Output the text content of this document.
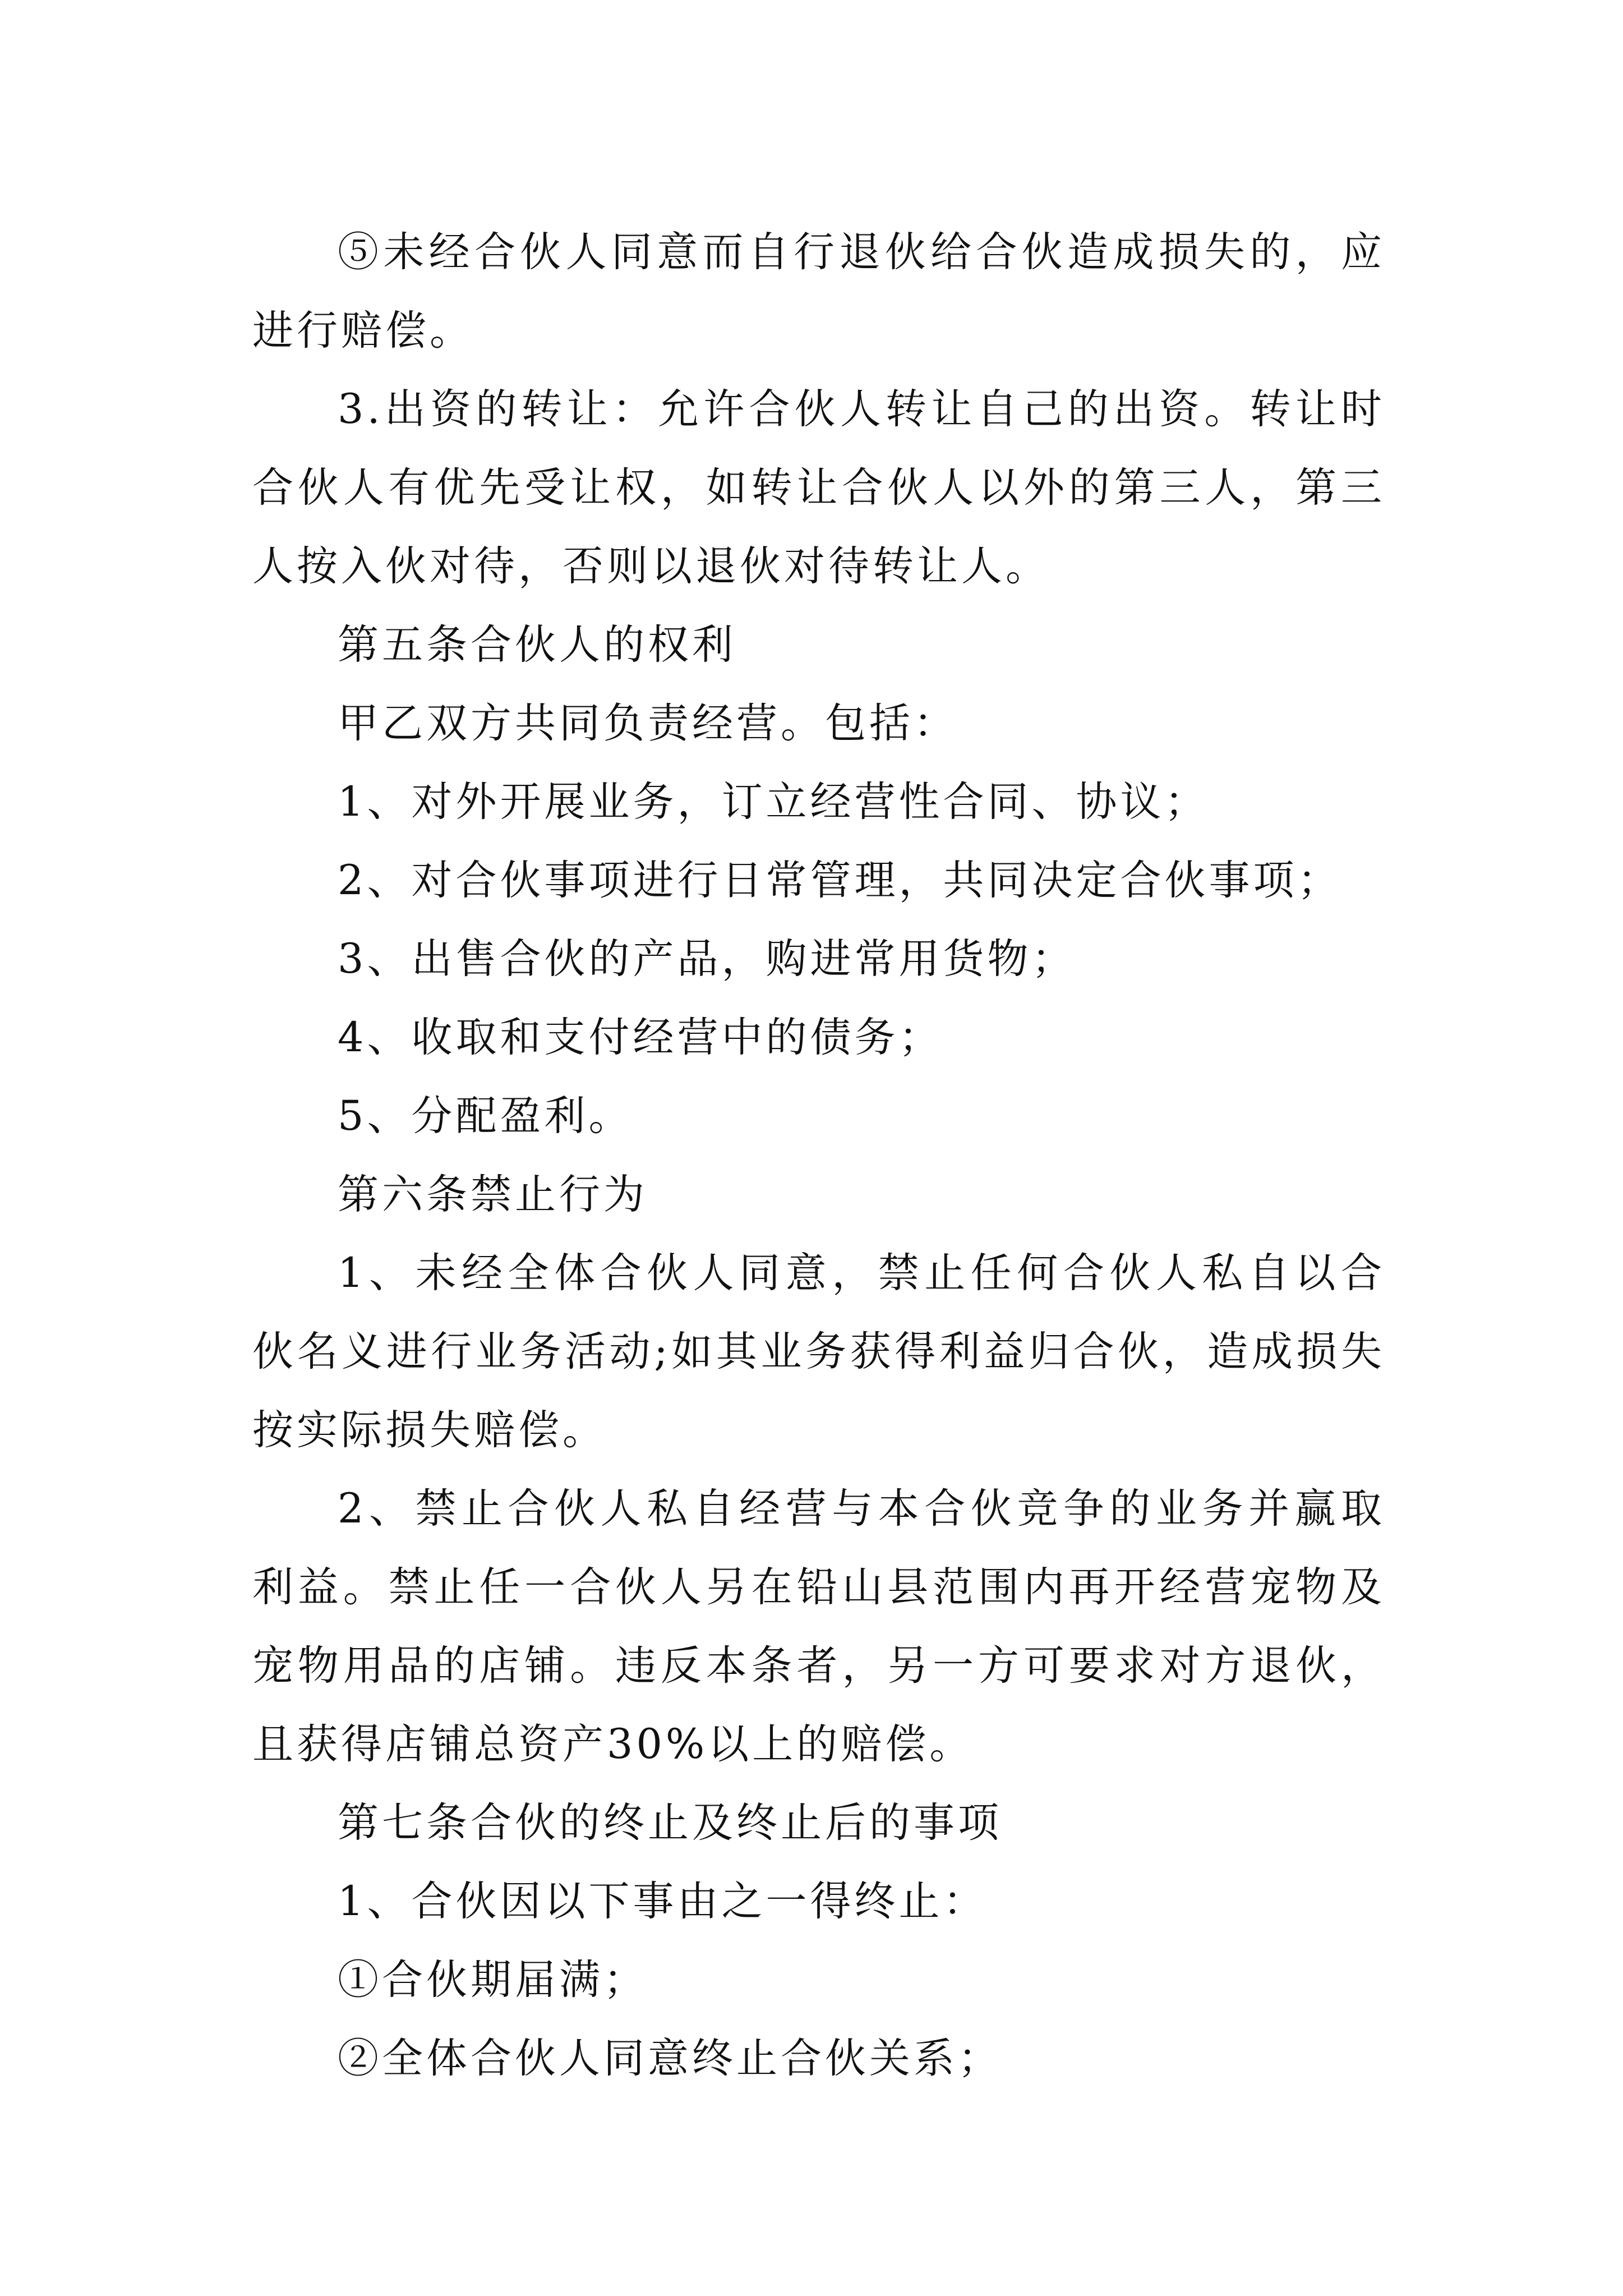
⑤未经合伙人同意而自行退伙给合伙造成损失的，应进行赔偿。

3.出资的转让：允许合伙人转让自己的出资。转让时合伙人有优先受让权，如转让合伙人以外的第三人，第三人按入伙对待，否则以退伙对待转让人。

第五条合伙人的权利

甲乙双方共同负责经营。包括：

1、对外开展业务，订立经营性合同、协议；

2、对合伙事项进行日常管理，共同决定合伙事项；

3、出售合伙的产品，购进常用货物；

4、收取和支付经营中的债务；

5、分配盈利。

第六条禁止行为

1、未经全体合伙人同意，禁止任何合伙人私自以合伙名义进行业务活动;如其业务获得利益归合伙，造成损失按实际损失赔偿。

2、禁止合伙人私自经营与本合伙竞争的业务并赢取利益。禁止任一合伙人另在铅山县范围内再开经营宠物及宠物用品的店铺。违反本条者，另一方可要求对方退伙，且获得店铺总资产30%以上的赔偿。

第七条合伙的终止及终止后的事项

1、合伙因以下事由之一得终止：

①合伙期届满；

②全体合伙人同意终止合伙关系；
